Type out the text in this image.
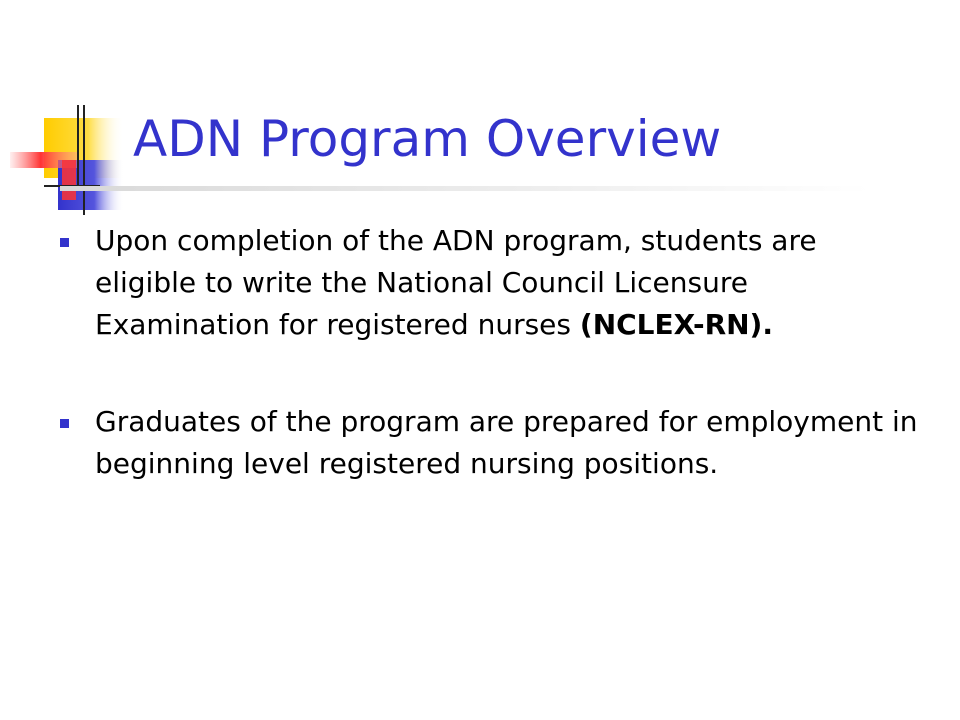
ADN Program Overview
Upon completion of the ADN program, students are eligible to write the National Council Licensure Examination for registered nurses (NCLEX-RN).
Graduates of the program are prepared for employment in beginning level registered nursing positions.
